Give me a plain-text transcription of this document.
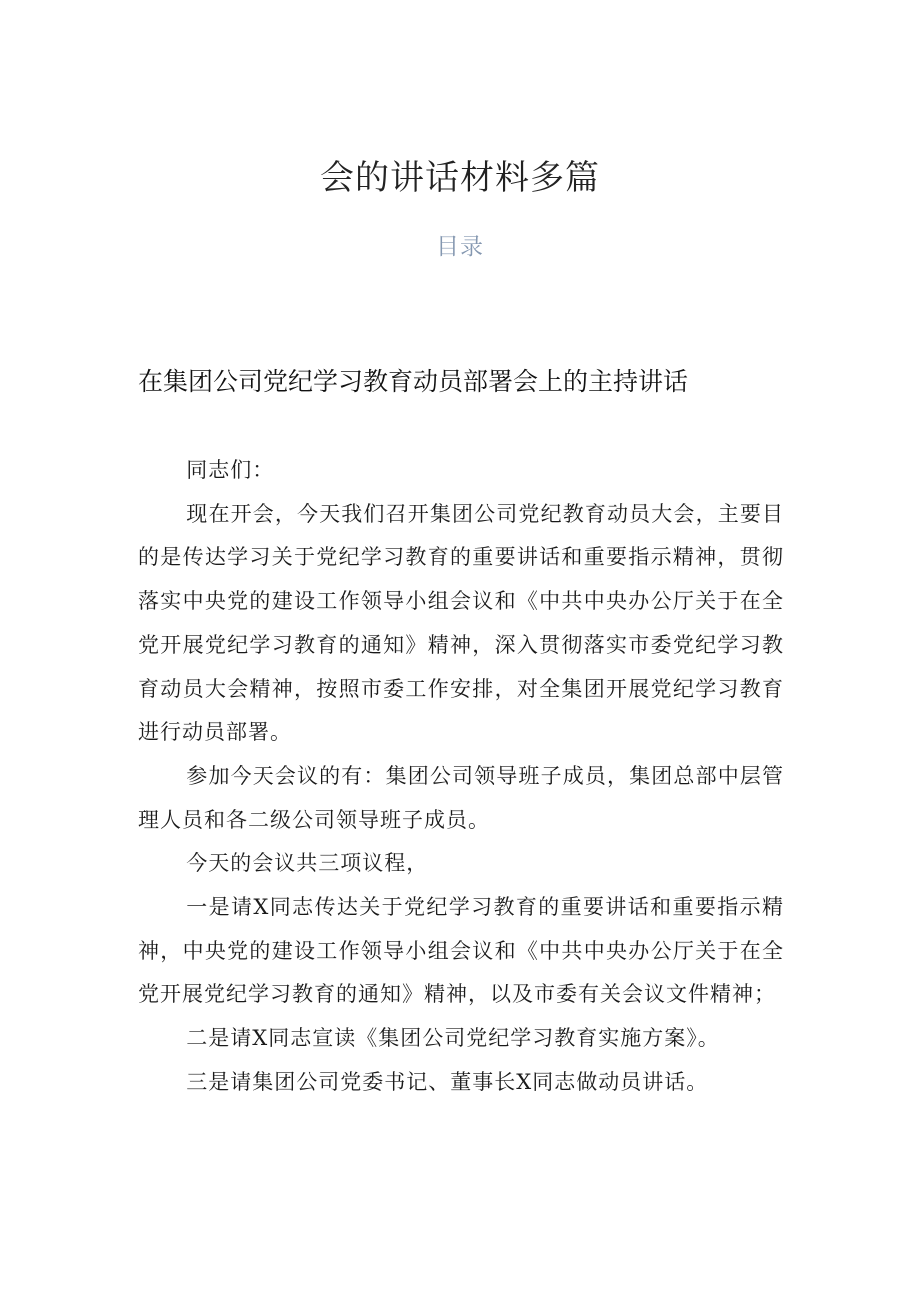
会的讲话材料多篇
目录
在集团公司党纪学习教育动员部署会上的主持讲话

同志们：

现在开会，今天我们召开集团公司党纪教育动员大会，主要目的是传达学习关于党纪学习教育的重要讲话和重要指示精神，贯彻落实中央党的建设工作领导小组会议和《中共中央办公厅关于在全党开展党纪学习教育的通知》精神，深入贯彻落实市委党纪学习教育动员大会精神，按照市委工作安排，对全集团开展党纪学习教育进行动员部署。

参加今天会议的有：集团公司领导班子成员，集团总部中层管理人员和各二级公司领导班子成员。

今天的会议共三项议程，

一是请X同志传达关于党纪学习教育的重要讲话和重要指示精神，中央党的建设工作领导小组会议和《中共中央办公厅关于在全党开展党纪学习教育的通知》精神，以及市委有关会议文件精神；

二是请X同志宣读《集团公司党纪学习教育实施方案》。

三是请集团公司党委书记、董事长X同志做动员讲话。
